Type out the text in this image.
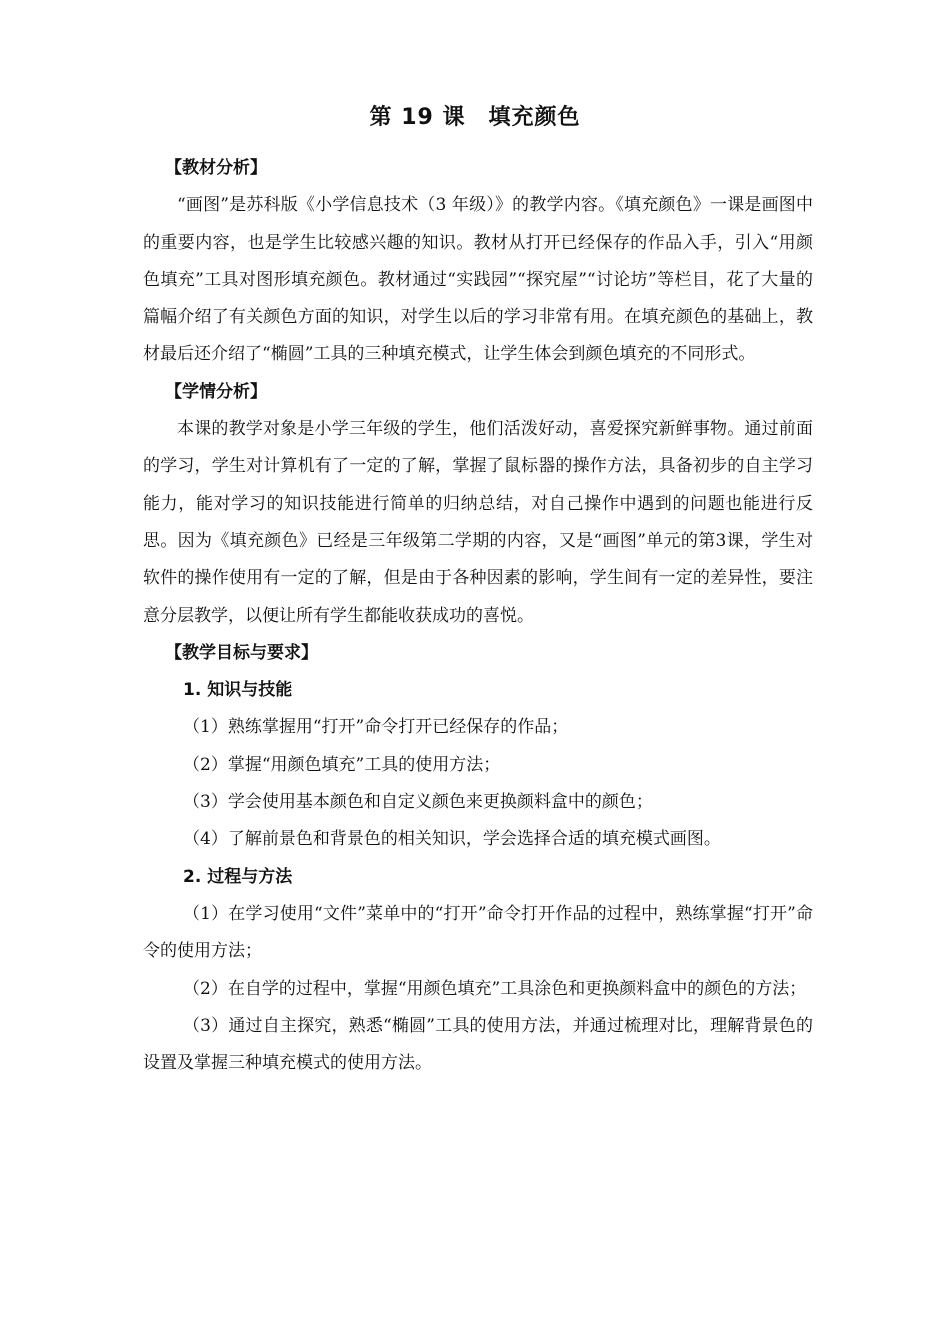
第 19 课　填充颜色

【教材分析】

“画图”是苏科版《小学信息技术（3 年级）》的教学内容。《填充颜色》一课是画图中的重要内容，也是学生比较感兴趣的知识。教材从打开已经保存的作品入手，引入“用颜色填充”工具对图形填充颜色。教材通过“实践园”“探究屋”“讨论坊”等栏目，花了大量的篇幅介绍了有关颜色方面的知识，对学生以后的学习非常有用。在填充颜色的基础上，教材最后还介绍了“椭圆”工具的三种填充模式，让学生体会到颜色填充的不同形式。

【学情分析】

本课的教学对象是小学三年级的学生，他们活泼好动，喜爱探究新鲜事物。通过前面的学习，学生对计算机有了一定的了解，掌握了鼠标器的操作方法，具备初步的自主学习能力，能对学习的知识技能进行简单的归纳总结，对自己操作中遇到的问题也能进行反思。因为《填充颜色》已经是三年级第二学期的内容，又是“画图”单元的第3课，学生对软件的操作使用有一定的了解，但是由于各种因素的影响，学生间有一定的差异性，要注意分层教学，以便让所有学生都能收获成功的喜悦。

【教学目标与要求】

1. 知识与技能

（1）熟练掌握用“打开”命令打开已经保存的作品；

（2）掌握“用颜色填充”工具的使用方法；

（3）学会使用基本颜色和自定义颜色来更换颜料盒中的颜色；

（4）了解前景色和背景色的相关知识，学会选择合适的填充模式画图。

2. 过程与方法

（1）在学习使用“文件”菜单中的“打开”命令打开作品的过程中，熟练掌握“打开”命令的使用方法；

（2）在自学的过程中，掌握“用颜色填充”工具涂色和更换颜料盒中的颜色的方法；

（3）通过自主探究，熟悉“椭圆”工具的使用方法，并通过梳理对比，理解背景色的设置及掌握三种填充模式的使用方法。
